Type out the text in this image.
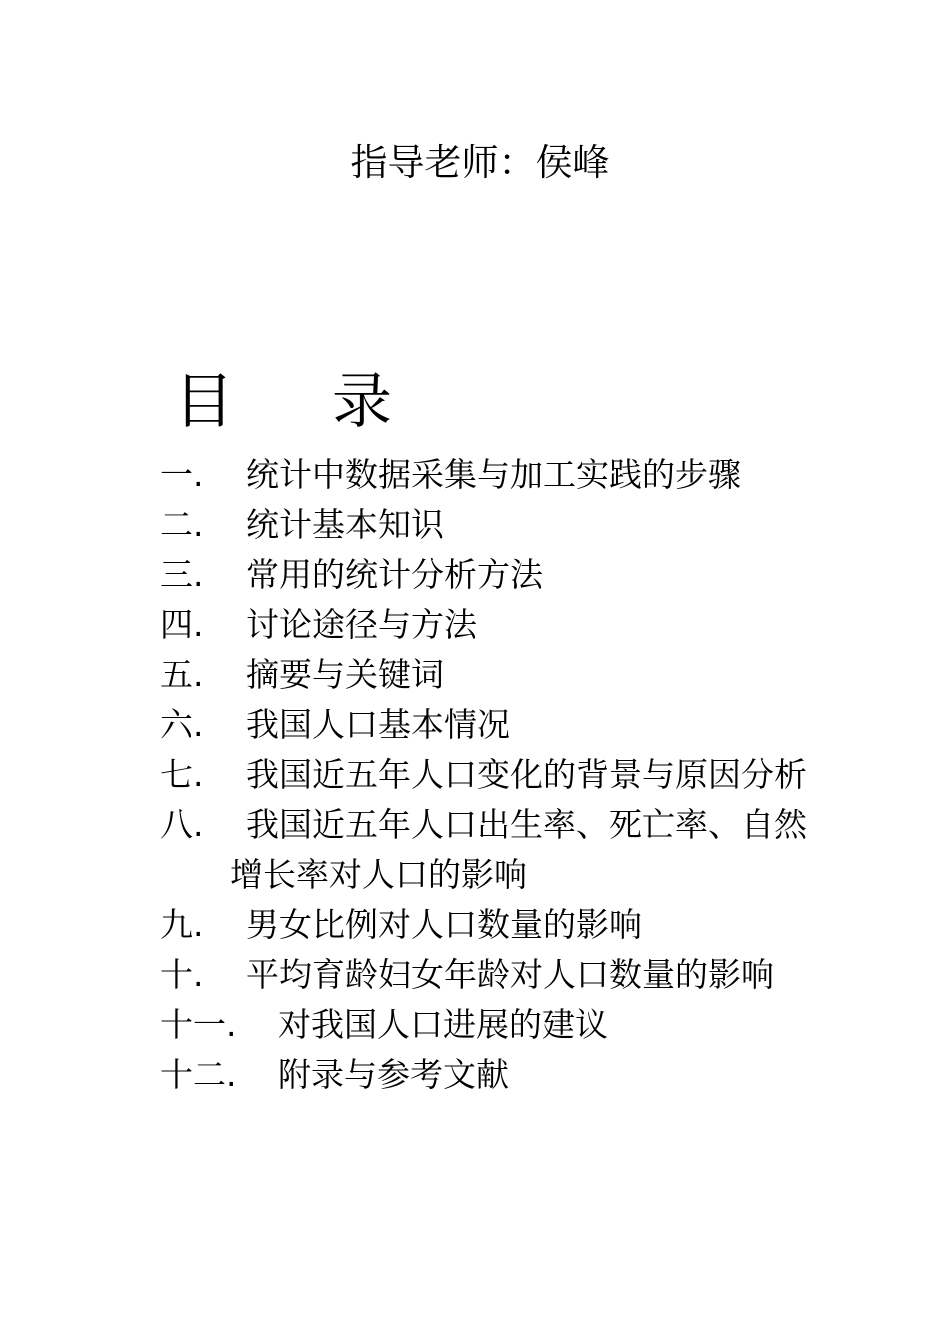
指导老师：侯峰
目 录
一.	统计中数据采集与加工实践的步骤
二.	统计基本知识
三.	常用的统计分析方法
四.	讨论途径与方法
五.	摘要与关键词
六.	我国人口基本情况
七.	我国近五年人口变化的背景与原因分析
八.	我国近五年人口出生率、死亡率、自然增长率对人口的影响
九.	男女比例对人口数量的影响
十.	平均育龄妇女年龄对人口数量的影响
十一.	对我国人口进展的建议
十二.	附录与参考文献
